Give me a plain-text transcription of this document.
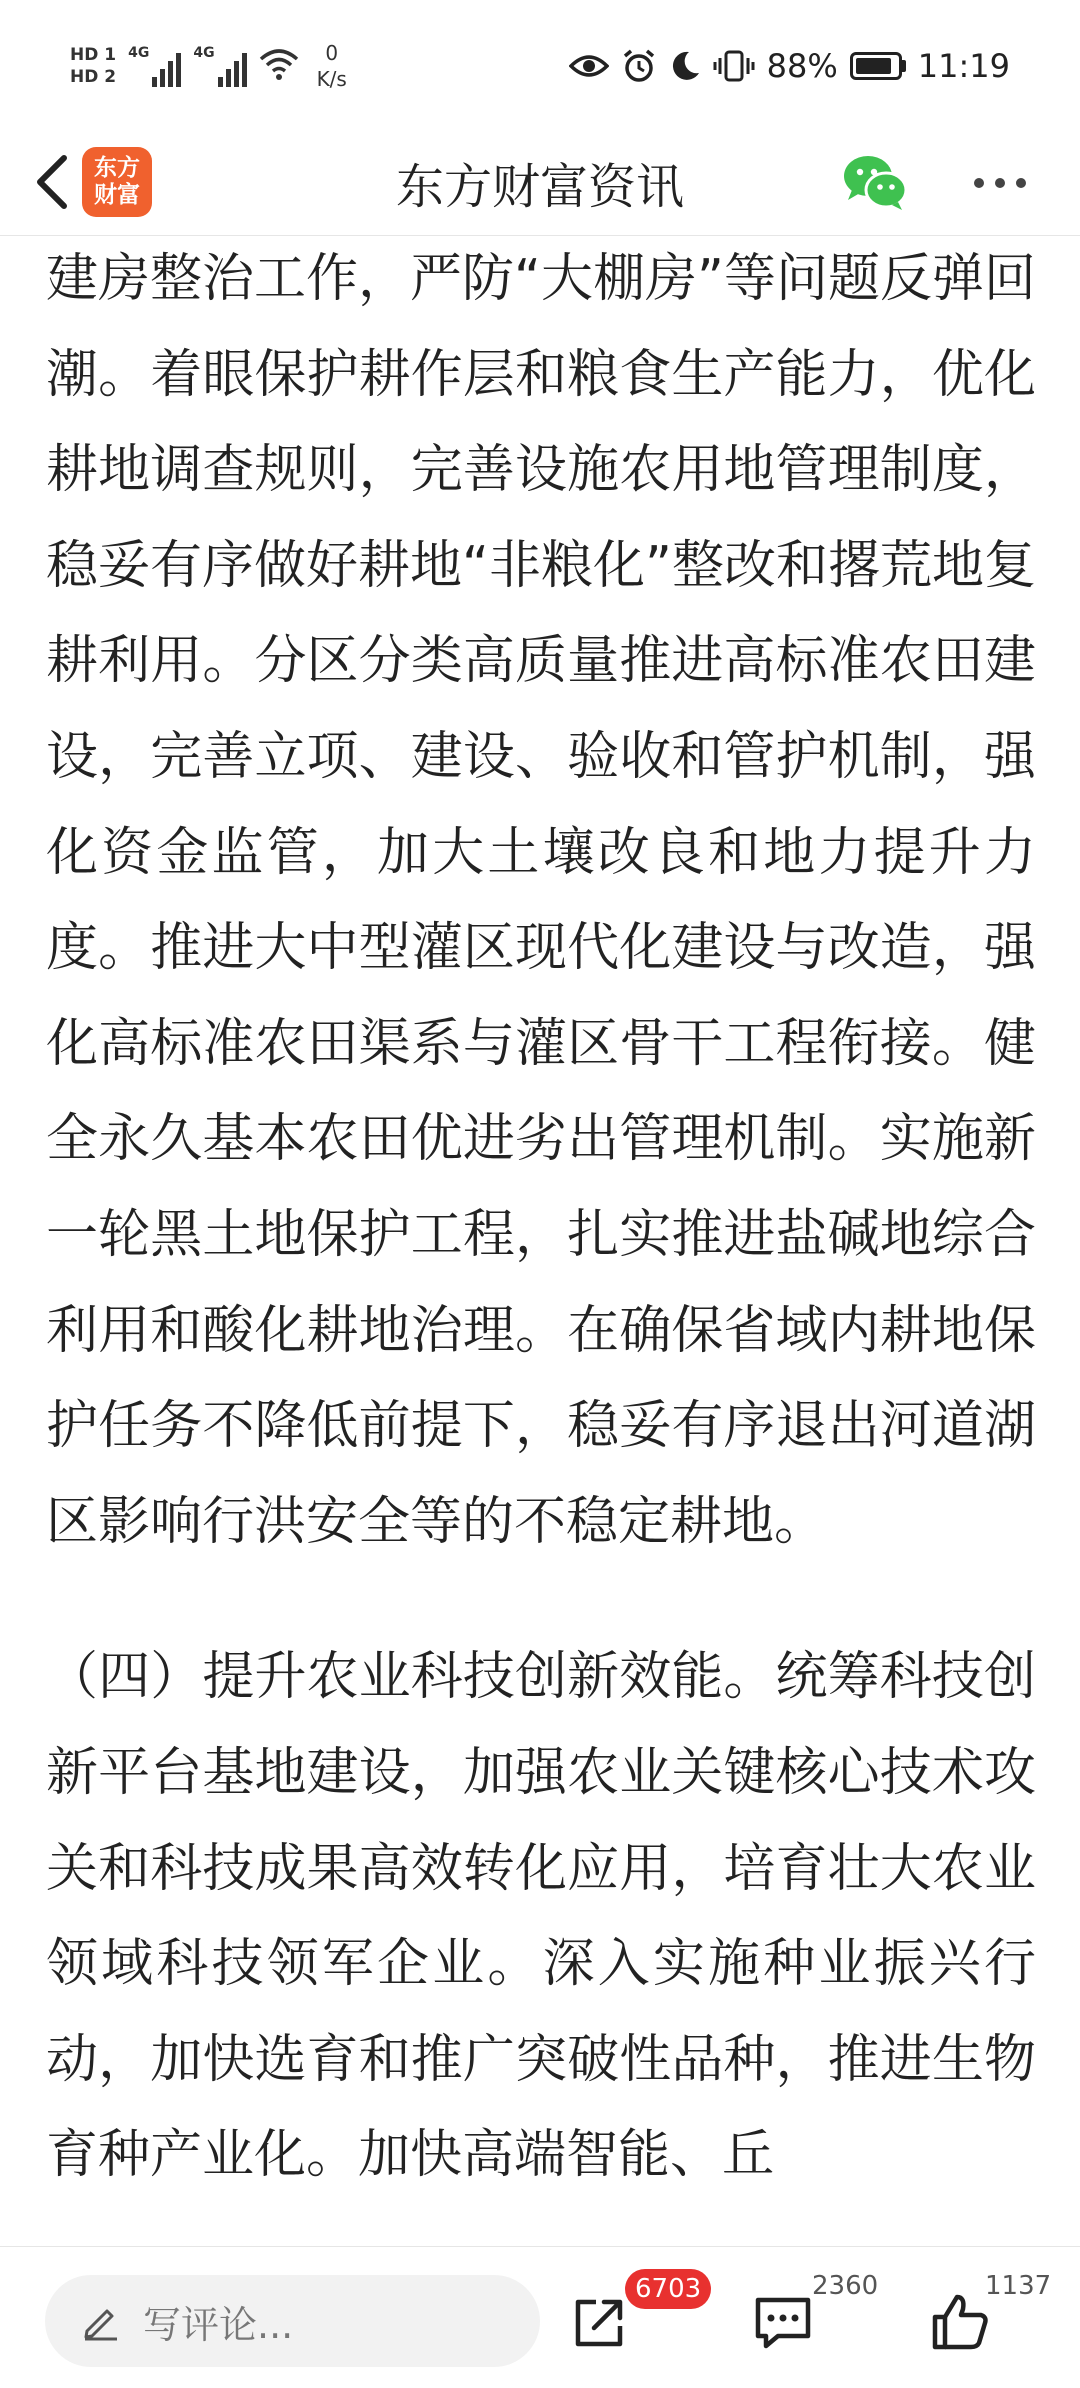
HD 1
HD 2
4G	4G	0
K/s	88%	11:19
东方
财富	东方财富资讯

建房整治工作，严防“大棚房”等问题反弹回潮。着眼保护耕作层和粮食生产能力，优化耕地调查规则，完善设施农用地管理制度，稳妥有序做好耕地“非粮化”整改和撂荒地复耕利用。分区分类高质量推进高标准农田建设，完善立项、建设、验收和管护机制，强化资金监管，加大土壤改良和地力提升力度。推进大中型灌区现代化建设与改造，强化高标准农田渠系与灌区骨干工程衔接。健全永久基本农田优进劣出管理机制。实施新一轮黑土地保护工程，扎实推进盐碱地综合利用和酸化耕地治理。在确保省域内耕地保护任务不降低前提下，稳妥有序退出河道湖区影响行洪安全等的不稳定耕地。

（四）提升农业科技创新效能。统筹科技创新平台基地建设，加强农业关键核心技术攻关和科技成果高效转化应用，培育壮大农业领域科技领军企业。深入实施种业振兴行动，加快选育和推广突破性品种，推进生物育种产业化。加快高端智能、丘

写评论...
6703	2360	1137
